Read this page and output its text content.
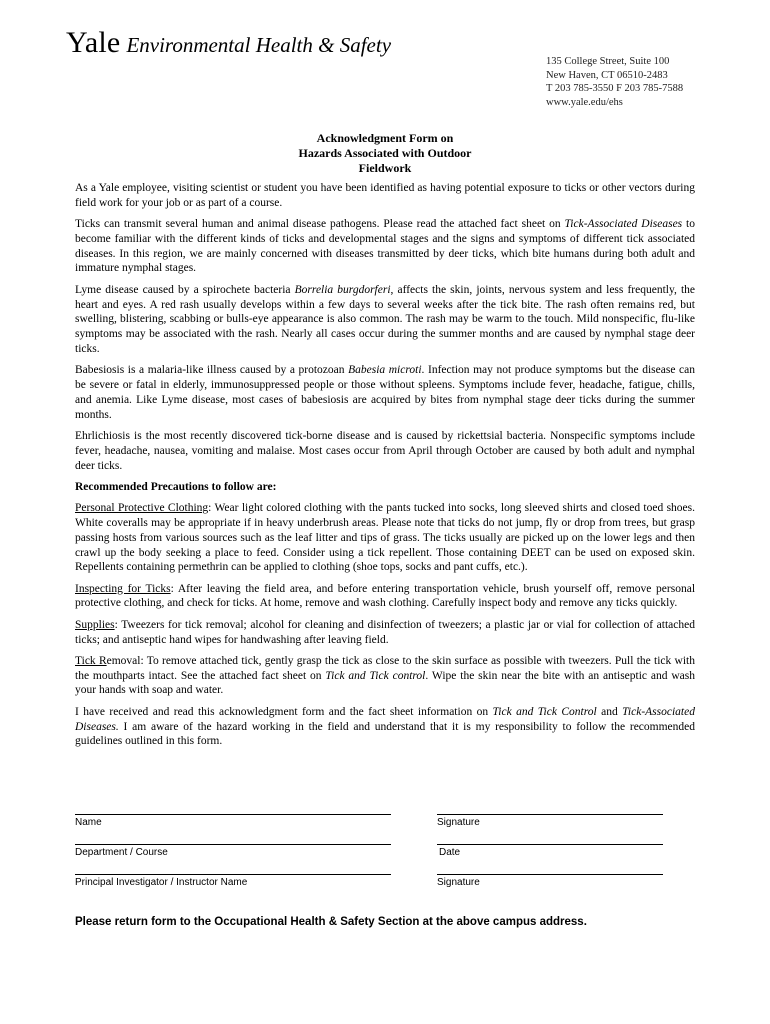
Yale Environmental Health & Safety
135 College Street, Suite 100
New Haven, CT 06510-2483
T 203 785-3550 F 203 785-7588
www.yale.edu/ehs
Acknowledgment Form on
Hazards Associated with Outdoor
Fieldwork

As a Yale employee, visiting scientist or student you have been identified as having potential exposure to ticks or other vectors during field work for your job or as part of a course.

Ticks can transmit several human and animal disease pathogens. Please read the attached fact sheet on Tick-Associated Diseases to become familiar with the different kinds of ticks and developmental stages and the signs and symptoms of different tick associated diseases. In this region, we are mainly concerned with diseases transmitted by deer ticks, which bite humans during both adult and immature nymphal stages.

Lyme disease caused by a spirochete bacteria Borrelia burgdorferi, affects the skin, joints, nervous system and less frequently, the heart and eyes. A red rash usually develops within a few days to several weeks after the tick bite. The rash often remains red, but swelling, blistering, scabbing or bulls-eye appearance is also common. The rash may be warm to the touch. Mild nonspecific, flu-like symptoms may be associated with the rash. Nearly all cases occur during the summer months and are caused by nymphal stage deer ticks.

Babesiosis is a malaria-like illness caused by a protozoan Babesia microti. Infection may not produce symptoms but the disease can be severe or fatal in elderly, immunosuppressed people or those without spleens. Symptoms include fever, headache, fatigue, chills, and anemia. Like Lyme disease, most cases of babesiosis are acquired by bites from nymphal stage deer ticks during the summer months.

Ehrlichiosis is the most recently discovered tick-borne disease and is caused by rickettsial bacteria. Nonspecific symptoms include fever, headache, nausea, vomiting and malaise. Most cases occur from April through October are caused by both adult and nymphal deer ticks.

Recommended Precautions to follow are:

Personal Protective Clothing: Wear light colored clothing with the pants tucked into socks, long sleeved shirts and closed toed shoes. White coveralls may be appropriate if in heavy underbrush areas. Please note that ticks do not jump, fly or drop from trees, but grasp passing hosts from various sources such as the leaf litter and tips of grass. The ticks usually are picked up on the lower legs and then crawl up the body seeking a place to feed. Consider using a tick repellent. Those containing DEET can be used on exposed skin. Repellents containing permethrin can be applied to clothing (shoe tops, socks and pant cuffs, etc.).

Inspecting for Ticks: After leaving the field area, and before entering transportation vehicle, brush yourself off, remove personal protective clothing, and check for ticks. At home, remove and wash clothing. Carefully inspect body and remove any ticks quickly.

Supplies: Tweezers for tick removal; alcohol for cleaning and disinfection of tweezers; a plastic jar or vial for collection of attached ticks; and antiseptic hand wipes for handwashing after leaving field.

Tick Removal: To remove attached tick, gently grasp the tick as close to the skin surface as possible with tweezers. Pull the tick with the mouthparts intact. See the attached fact sheet on Tick and Tick control. Wipe the skin near the bite with an antiseptic and wash your hands with soap and water.

I have received and read this acknowledgment form and the fact sheet information on Tick and Tick Control and Tick-Associated Diseases. I am aware of the hazard working in the field and understand that it is my responsibility to follow the recommended guidelines outlined in this form.

Name	Signature
Department / Course	Date
Principal Investigator / Instructor Name	Signature
Please return form to the Occupational Health & Safety Section at the above campus address.
